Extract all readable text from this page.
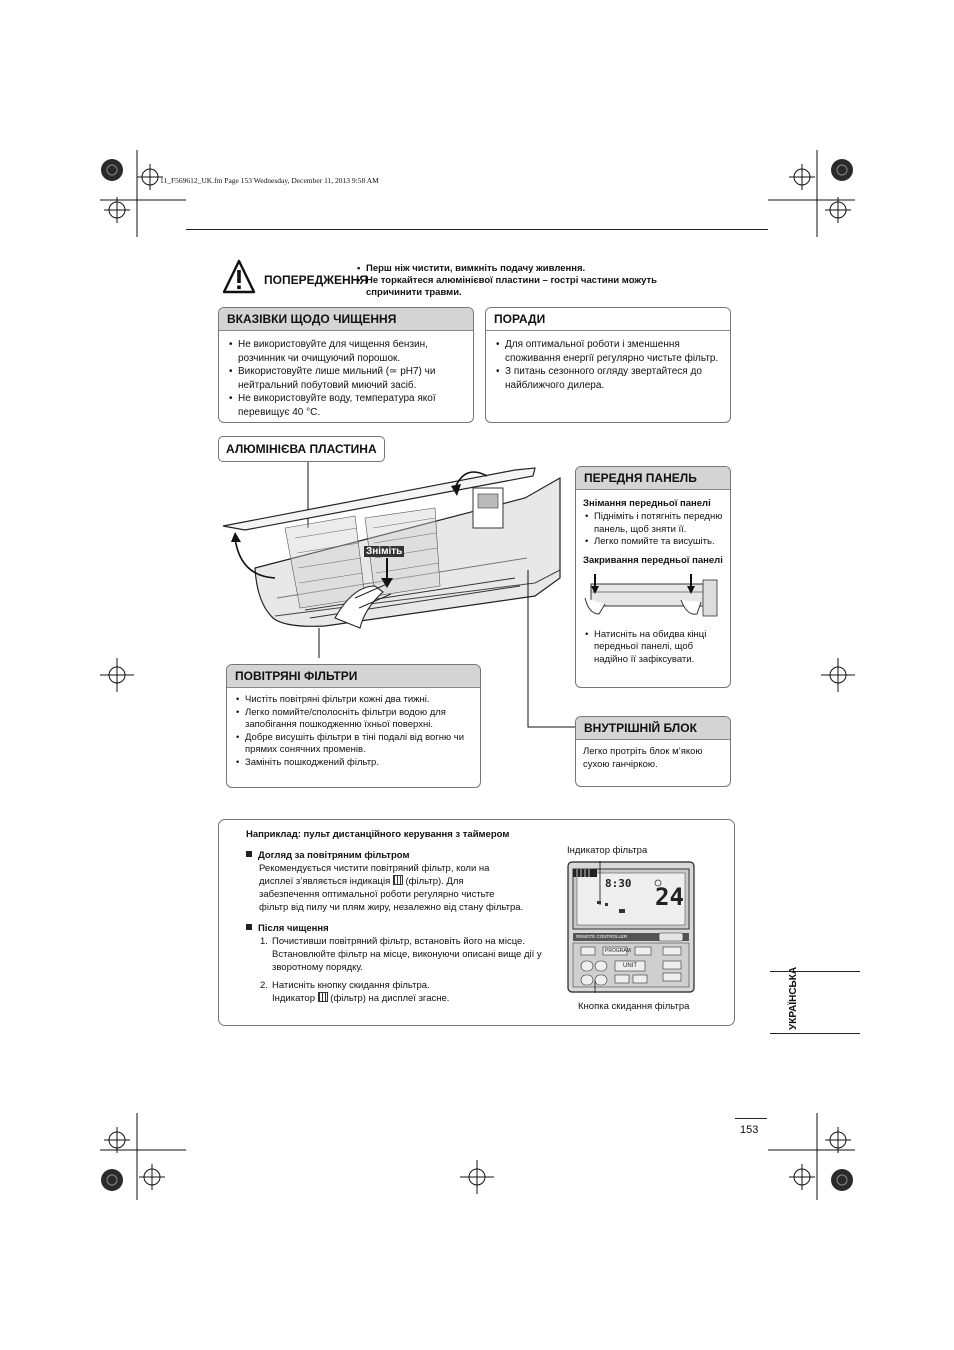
11_F569612_UK.fm Page 153 Wednesday, December 11, 2013 9:58 AM
ПОПЕРЕДЖЕННЯ
• Перш ніж чистити, вимкніть подачу живлення.
• Не торкайтеся алюмінієвої пластини – гострі частини можуть спричинити травми.
ВКАЗІВКИ ЩОДО ЧИЩЕННЯ
• Не використовуйте для чищення бензин, розчинник чи очищуючий порошок.
• Використовуйте лише мильний (≃ pH7) чи нейтральний побутовий миючий засіб.
• Не використовуйте воду, температура якої перевищує 40 °C.
ПОРАДИ
• Для оптимальної роботи і зменшення споживання енергії регулярно чистьте фільтр.
• З питань сезонного огляду звертайтеся до найближчого дилера.
АЛЮМІНІЄВА ПЛАСТИНА
Зніміть
ПЕРЕДНЯ ПАНЕЛЬ
Знімання передньої панелі
• Підніміть і потягніть передню панель, щоб зняти її.
• Легко помийте та висушіть.
Закривання передньої панелі
• Натисніть на обидва кінці передньої панелі, щоб надійно її зафіксувати.
ПОВІТРЯНІ ФІЛЬТРИ
• Чистіть повітряні фільтри кожні два тижні.
• Легко помийте/сполосніть фільтри водою для запобігання пошкодженню їхньої поверхні.
• Добре висушіть фільтри в тіні подалі від вогню чи прямих сонячних променів.
• Замініть пошкоджений фільтр.
ВНУТРІШНІЙ БЛОК
Легко протріть блок м’якою сухою ганчіркою.
Наприклад: пульт дистанційного керування з таймером
Догляд за повітряним фільтром
Рекомендується чистити повітряний фільтр, коли на
дисплеї з’являється індикація (фільтр). Для
забезпечення оптимальної роботи регулярно чистьте
фільтр від пилу чи плям жиру, незалежно від стану фільтра.
Після чищення
1. Почистивши повітряний фільтр, встановіть його на місце. Встановлюйте фільтр на місце, виконуючи описані вище дії у зворотному порядку.
2. Натисніть кнопку скидання фільтра.
Індикатор (фільтр) на дисплеї згасне.
Індикатор фільтра
Кнопка скидання фільтра
8:30 24
REMOTE CONTROLLER
PROGRAM
UNIT
УКРАЇНСЬКА
153
